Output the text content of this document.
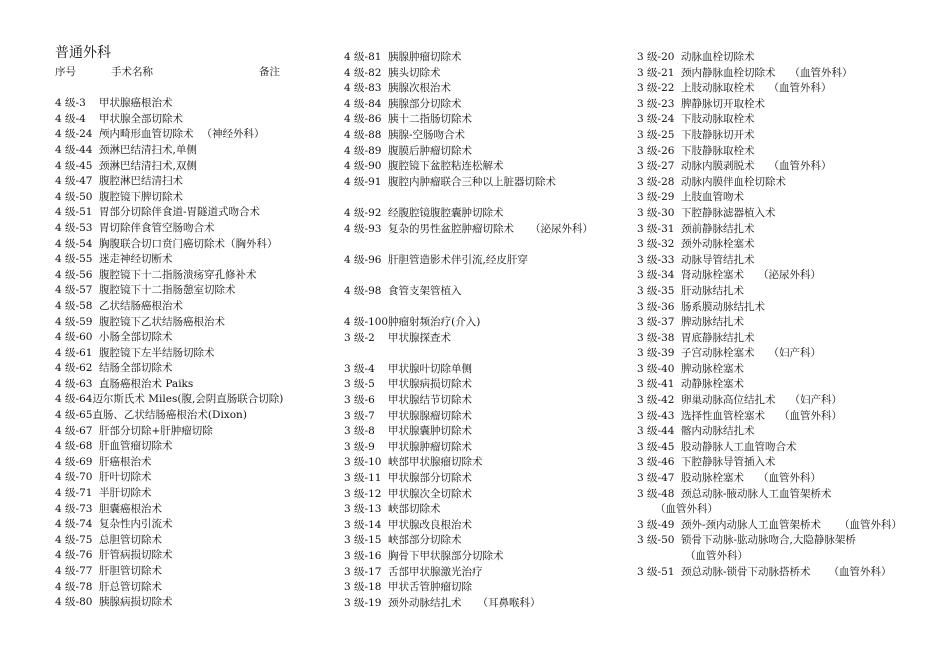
普通外科
序号	手术名称	备注
4 级-3	甲状腺癌根治术
4 级-4	甲状腺全部切除术
4 级-24 颅内畸形血管切除术 （神经外科）
4 级-44 颈淋巴结清扫术,单侧
4 级-45 颈淋巴结清扫术,双侧
4 级-47 腹腔淋巴结清扫术
4 级-50 腹腔镜下脾切除术
4 级-51 胃部分切除伴食道-胃隧道式吻合术
4 级-53 胃切除伴食管空肠吻合术
4 级-54 胸腹联合切口贲门癌切除术（胸外科）
4 级-55 迷走神经切断术
4 级-56 腹腔镜下十二指肠溃疡穿孔修补术
4 级-57 腹腔镜下十二指肠憩室切除术
4 级-58 乙状结肠癌根治术
4 级-59 腹腔镜下乙状结肠癌根治术
4 级-60 小肠全部切除术
4 级-61 腹腔镜下左半结肠切除术
4 级-62 结肠全部切除术
4 级-63 直肠癌根治术 Paiks
4 级-64 迈尔斯氏术 Miles(腹,会阴直肠联合切除)
4 级-65 直肠、乙状结肠癌根治术(Dixon)
4 级-67 肝部分切除+肝肿瘤切除
4 级-68 肝血管瘤切除术
4 级-69 肝癌根治术
4 级-70 肝叶切除术
4 级-71 半肝切除术
4 级-73 胆囊癌根治术
4 级-74 复杂性内引流术
4 级-75 总胆管切除术
4 级-76 肝管病损切除术
4 级-77 肝胆管切除术
4 级-78 肝总管切除术
4 级-80 胰腺病损切除术
4 级-81 胰腺肿瘤切除术
4 级-82 胰头切除术
4 级-83 胰腺次根治术
4 级-84 胰腺部分切除术
4 级-86 胰十二指肠切除术
4 级-88 胰腺-空肠吻合术
4 级-89 腹膜后肿瘤切除术
4 级-90 腹腔镜下盆腔粘连松解术
4 级-91 腹腔内肿瘤联合三种以上脏器切除术
4 级-92 经腹腔镜腹腔囊肿切除术
4 级-93 复杂的男性盆腔肿瘤切除术 （泌尿外科）
4 级-96 肝胆管造影术伴引流,经皮肝穿
4 级-98 食管支架管植入
4 级-100 肿瘤射频治疗(介入)
3 级-2	甲状腺探查术
3 级-4	甲状腺叶切除单侧
3 级-5	甲状腺病损切除术
3 级-6	甲状腺结节切除术
3 级-7	甲状腺腺瘤切除术
3 级-8	甲状腺囊肿切除术
3 级-9	甲状腺肿瘤切除术
3 级-10 峡部甲状腺瘤切除术
3 级-11 甲状腺部分切除术
3 级-12 甲状腺次全切除术
3 级-13 峡部切除术
3 级-14 甲状腺改良根治术
3 级-15 峡部部分切除术
3 级-16 胸骨下甲状腺部分切除术
3 级-17 舌部甲状腺激光治疗
3 级-18 甲状舌管肿瘤切除
3 级-19 颈外动脉结扎术 （耳鼻喉科）
3 级-20 动脉血栓切除术
3 级-21 颈内静脉血栓切除术 （血管外科）
3 级-22 上肢动脉取栓术 （血管外科）
3 级-23 脾静脉切开取栓术
3 级-24 下肢动脉取栓术
3 级-25 下肢静脉切开术
3 级-26 下肢静脉取栓术
3 级-27 动脉内膜剥脱术 （血管外科）
3 级-28 动脉内膜伴血栓切除术
3 级-29 上肢血管吻术
3 级-30 下腔静脉滤器植入术
3 级-31 颈前静脉结扎术
3 级-32 颈外动脉栓塞术
3 级-33 动脉导管结扎术
3 级-34 肾动脉栓塞术 （泌尿外科）
3 级-35 肝动脉结扎术
3 级-36 肠系膜动脉结扎术
3 级-37 脾动脉结扎术
3 级-38 胃底静脉结扎术
3 级-39 子宫动脉栓塞术 （妇产科）
3 级-40 脾动脉栓塞术
3 级-41 动静脉栓塞术
3 级-42 卵巢动脉高位结扎术 （妇产科）
3 级-43 选择性血管栓塞术 （血管外科）
3 级-44 髂内动脉结扎术
3 级-45 股动静脉人工血管吻合术
3 级-46 下腔静脉导管插入术
3 级-47 股动脉栓塞术 （血管外科）
3 级-48 颈总动脉-腋动脉人工血管架桥术
（血管外科）
3 级-49 颈外-颈内动脉人工血管架桥术 （血管外科）
3 级-50 锁骨下动脉-肱动脉吻合,大隐静脉架桥
（血管外科）
3 级-51 颈总动脉-锁骨下动脉搭桥术 （血管外科）
